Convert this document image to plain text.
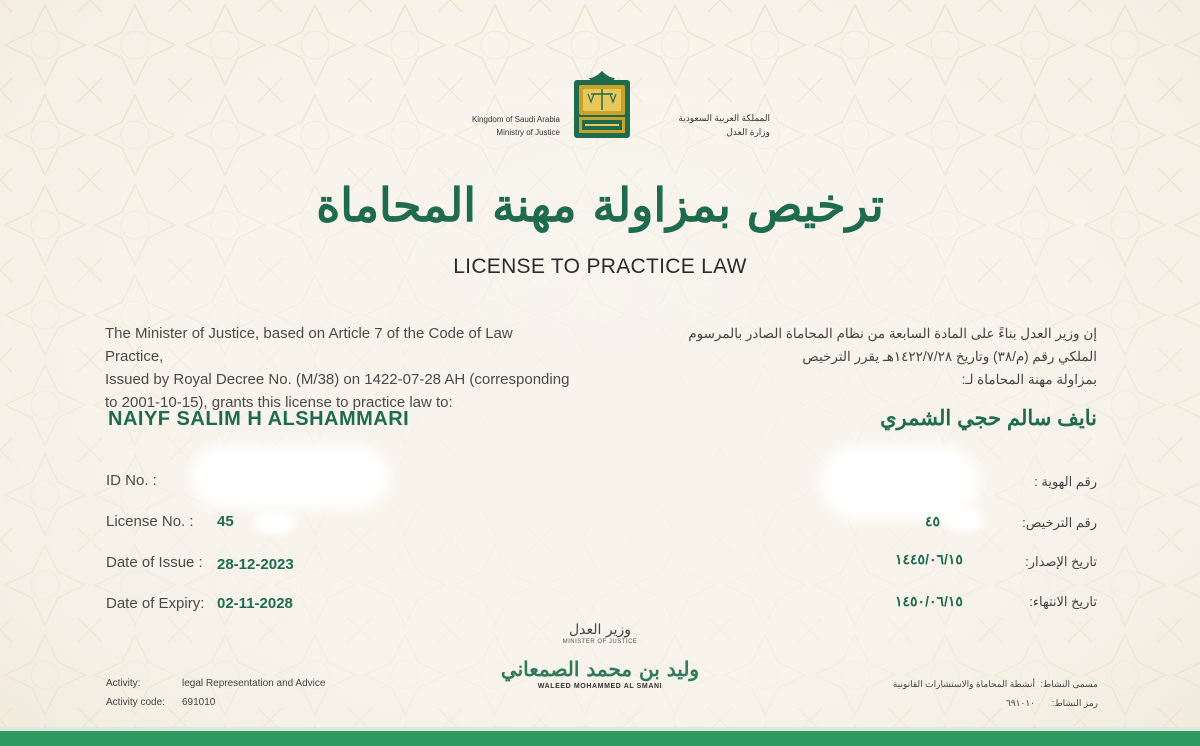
Kingdom of Saudi Arabia
Ministry of Justice
المملكة العربية السعودية
وزارة العدل
ترخيص بمزاولة مهنة المحاماة
LICENSE TO PRACTICE LAW
The Minister of Justice, based on Article 7 of the Code of Law Practice,
Issued by Royal Decree No. (M/38) on 1422-07-28 AH (corresponding
to 2001-10-15), grants this license to practice law to:
إن وزير العدل بناءً على المادة السابعة من نظام المحاماة الصادر بالمرسوم
الملكي رقم (م/٣٨) وتاريخ ١٤٢٢/٧/٢٨هـ يقرر الترخيص
بمزاولة مهنة المحاماة لـ:
NAIYF SALIM H ALSHAMMARI	نايف سالم حجي الشمري
ID No. :
License No. : 45
Date of Issue : 28-12-2023
Date of Expiry: 02-11-2028
رقم الهوية :
رقم الترخيص:
٤٥
تاريخ الإصدار:
١٤٤٥/٠٦/١٥
تاريخ الانتهاء:
١٤٥٠/٠٦/١٥
وزير العدل
MINISTER OF JUSTICE
وليد بن محمد الصمعاني
WALEED MOHAMMED AL SMANI
Activity:	legal Representation and Advice
Activity code: 691010
مسمى النشاط:
أنشطة المحاماة والاستشارات القانونية
رمز النشاط:
٦٩١٠١٠
